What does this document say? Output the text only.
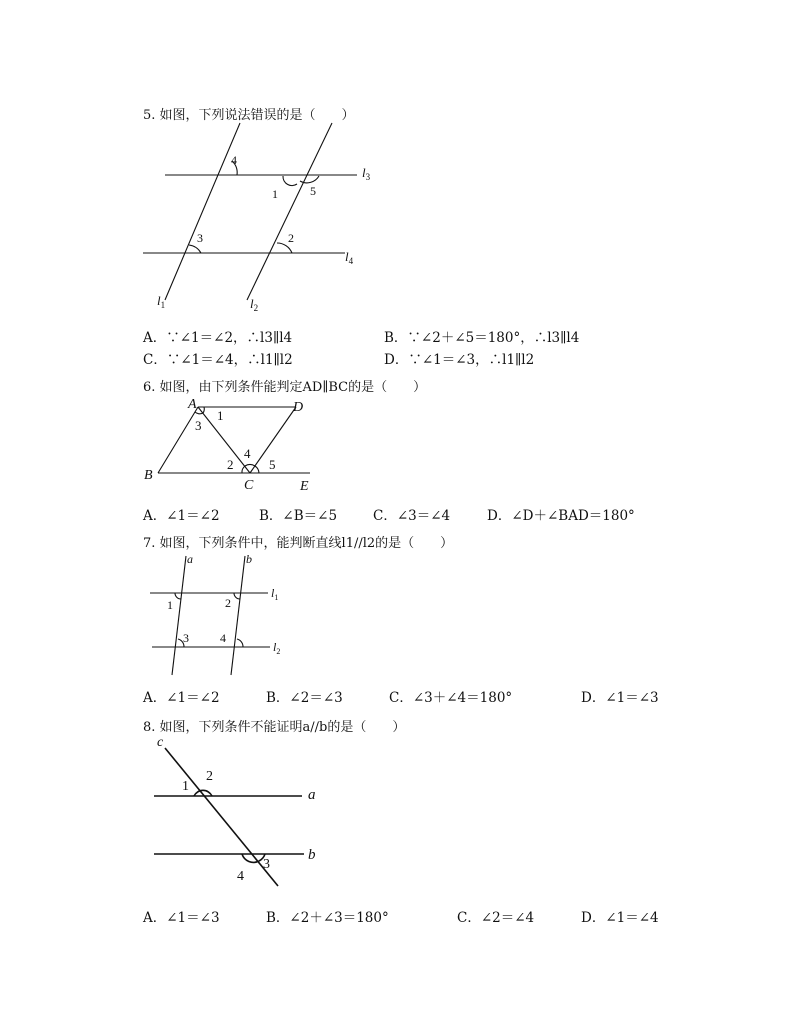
5. 如图，下列说法错误的是（　　）
4
1	5
3	2
$l_3$
$l_4$
$l_1$	$l_2$
A．∵∠1＝∠2，∴l3∥l4	B．∵∠2＋∠5＝180°，∴l3∥l4
C．∵∠1＝∠4，∴l1∥l2	D．∵∠1＝∠3，∴l1∥l2
6. 如图，由下列条件能判定AD∥BC的是（　　）
A	D
B
C	E
1
3
4
2	5
A．∠1＝∠2	B．∠B＝∠5	C．∠3＝∠4	D．∠D＋∠BAD＝180°
7. 如图，下列条件中，能判断直线l1//l2的是（　　）
a	b
$l_1$
$l_2$
1	2
3	4
A．∠1＝∠2	B．∠2＝∠3	C．∠3＋∠4＝180°	D．∠1＝∠3
8. 如图，下列条件不能证明a//b的是（　　）
c
a
b
1
2
3
4
A．∠1＝∠3	B．∠2＋∠3＝180°	C．∠2＝∠4	D．∠1＝∠4
